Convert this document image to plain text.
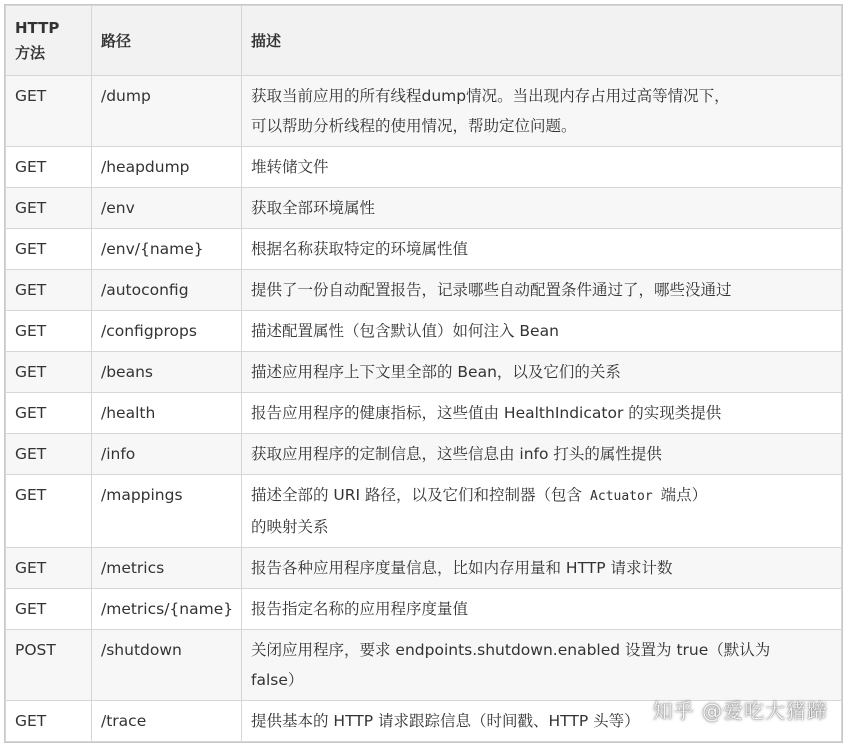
HTTP
方法	路径	描述
GET	/dump	获取当前应用的所有线程dump情况。当出现内存占用过高等情况下，
可以帮助分析线程的使用情况，帮助定位问题。
GET	/heapdump	堆转储文件
GET	/env	获取全部环境属性
GET	/env/{name}	根据名称获取特定的环境属性值
GET	/autoconfig	提供了一份自动配置报告，记录哪些自动配置条件通过了，哪些没通过
GET	/configprops	描述配置属性（包含默认值）如何注入 Bean
GET	/beans	描述应用程序上下文里全部的 Bean，以及它们的关系
GET	/health	报告应用程序的健康指标，这些值由 HealthIndicator 的实现类提供
GET	/info	获取应用程序的定制信息，这些信息由 info 打头的属性提供
GET	/mappings	描述全部的 URI 路径，以及它们和控制器（包含 Actuator 端点）
的映射关系
GET	/metrics	报告各种应用程序度量信息，比如内存用量和 HTTP 请求计数
GET	/metrics/{name}	报告指定名称的应用程序度量值
POST	/shutdown	关闭应用程序，要求 endpoints.shutdown.enabled 设置为 true（默认为
false）
GET	/trace	提供基本的 HTTP 请求跟踪信息（时间戳、HTTP 头等） 知乎 @爱吃大猪蹄
